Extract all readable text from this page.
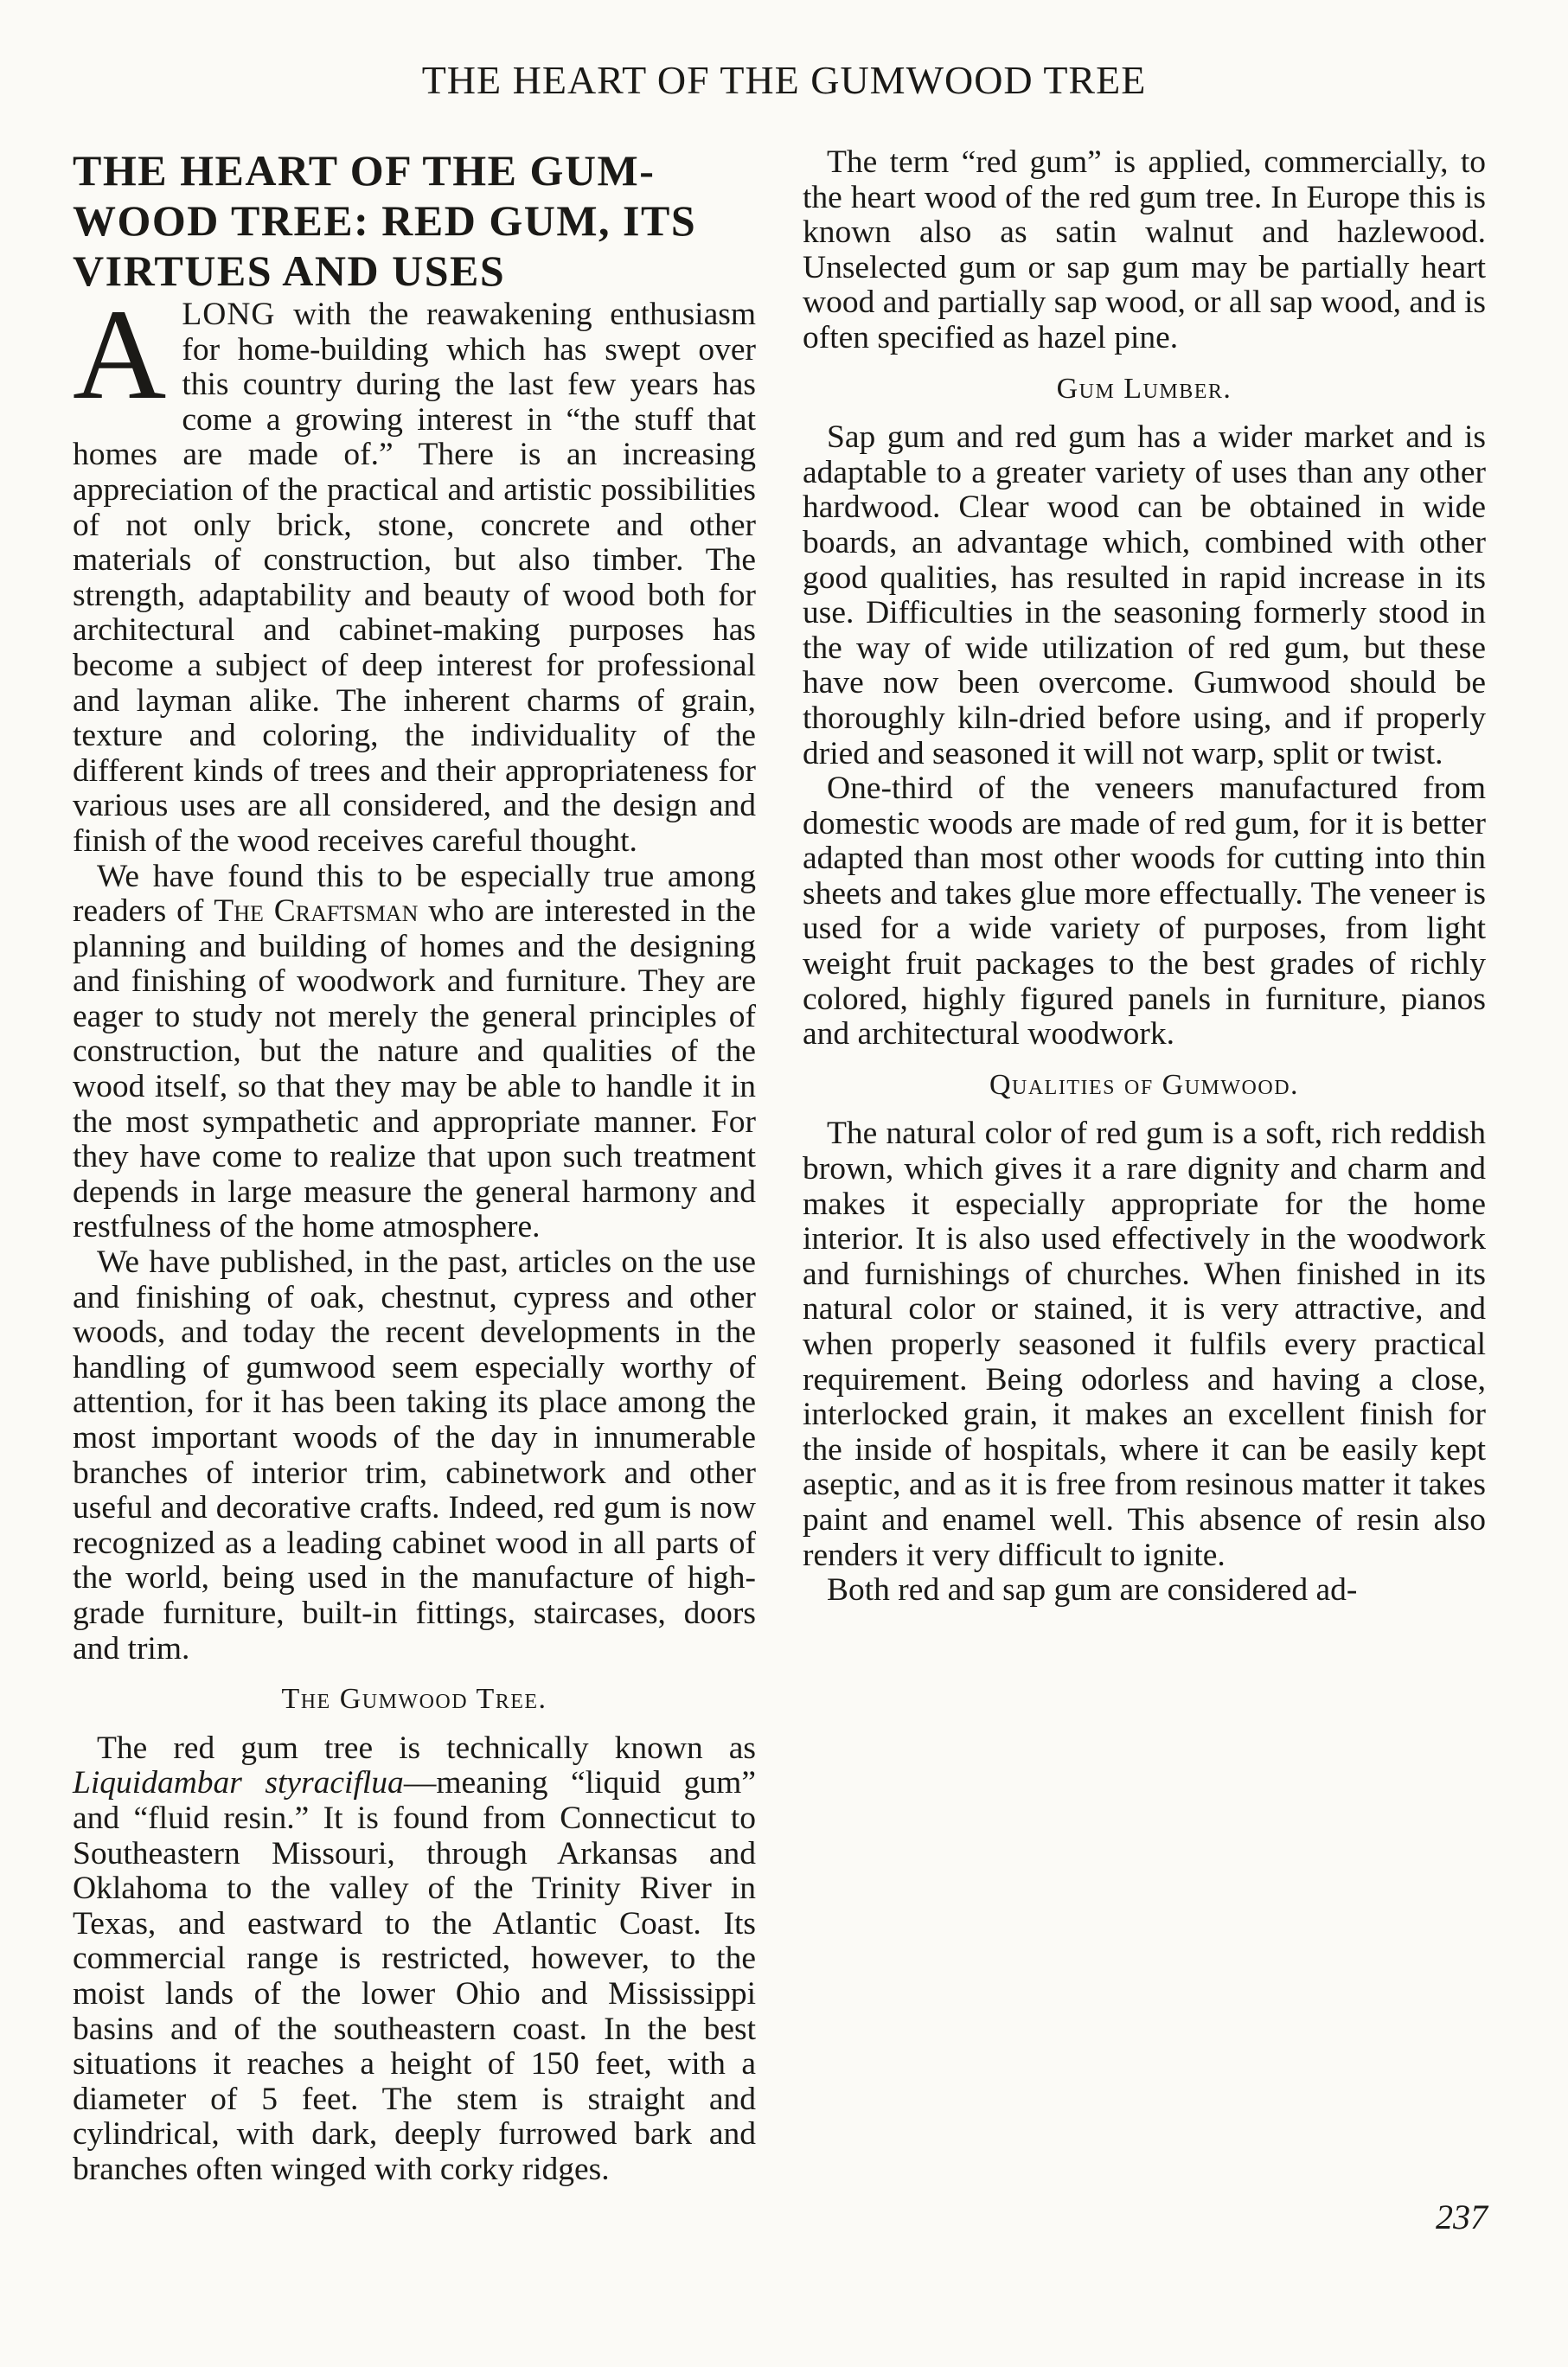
THE HEART OF THE GUMWOOD TREE
THE HEART OF THE GUM-WOOD TREE: RED GUM, ITS VIRTUES AND USES

ALONG with the reawakening enthusiasm for home-building which has swept over this country during the last few years has come a growing interest in “the stuff that homes are made of.” There is an increasing appreciation of the practical and artistic possibilities of not only brick, stone, concrete and other materials of construction, but also timber. The strength, adaptability and beauty of wood both for architectural and cabinet-making purposes has become a subject of deep interest for professional and layman alike. The inherent charms of grain, texture and coloring, the individuality of the different kinds of trees and their appropriateness for various uses are all considered, and the design and finish of the wood receives careful thought.

We have found this to be especially true among readers of The Craftsman who are interested in the planning and building of homes and the designing and finishing of woodwork and furniture. They are eager to study not merely the general principles of construction, but the nature and qualities of the wood itself, so that they may be able to handle it in the most sympathetic and appropriate manner. For they have come to realize that upon such treatment depends in large measure the general harmony and restfulness of the home atmosphere.

We have published, in the past, articles on the use and finishing of oak, chestnut, cypress and other woods, and today the recent developments in the handling of gumwood seem especially worthy of attention, for it has been taking its place among the most important woods of the day in innumerable branches of interior trim, cabinetwork and other useful and decorative crafts. Indeed, red gum is now recognized as a leading cabinet wood in all parts of the world, being used in the manufacture of high-grade furniture, built-in fittings, staircases, doors and trim.

The Gumwood Tree.

The red gum tree is technically known as Liquidambar styraciflua—meaning “liquid gum” and “fluid resin.” It is found from Connecticut to Southeastern Missouri, through Arkansas and Oklahoma to the valley of the Trinity River in Texas, and eastward to the Atlantic Coast. Its commercial range is restricted, however, to the moist lands of the lower Ohio and Mississippi basins and of the southeastern coast. In the best situations it reaches a height of 150 feet, with a diameter of 5 feet. The stem is straight and cylindrical, with dark, deeply furrowed bark and branches often winged with corky ridges.

The term “red gum” is applied, commercially, to the heart wood of the red gum tree. In Europe this is known also as satin walnut and hazlewood. Unselected gum or sap gum may be partially heart wood and partially sap wood, or all sap wood, and is often specified as hazel pine.

Gum Lumber.

Sap gum and red gum has a wider market and is adaptable to a greater variety of uses than any other hardwood. Clear wood can be obtained in wide boards, an advantage which, combined with other good qualities, has resulted in rapid increase in its use. Difficulties in the seasoning formerly stood in the way of wide utilization of red gum, but these have now been overcome. Gumwood should be thoroughly kiln-dried before using, and if properly dried and seasoned it will not warp, split or twist.

One-third of the veneers manufactured from domestic woods are made of red gum, for it is better adapted than most other woods for cutting into thin sheets and takes glue more effectually. The veneer is used for a wide variety of purposes, from light weight fruit packages to the best grades of richly colored, highly figured panels in furniture, pianos and architectural woodwork.

Qualities of Gumwood.

The natural color of red gum is a soft, rich reddish brown, which gives it a rare dignity and charm and makes it especially appropriate for the home interior. It is also used effectively in the woodwork and furnishings of churches. When finished in its natural color or stained, it is very attractive, and when properly seasoned it fulfils every practical requirement. Being odorless and having a close, interlocked grain, it makes an excellent finish for the inside of hospitals, where it can be easily kept aseptic, and as it is free from resinous matter it takes paint and enamel well. This absence of resin also renders it very difficult to ignite.

Both red and sap gum are considered ad-

237
